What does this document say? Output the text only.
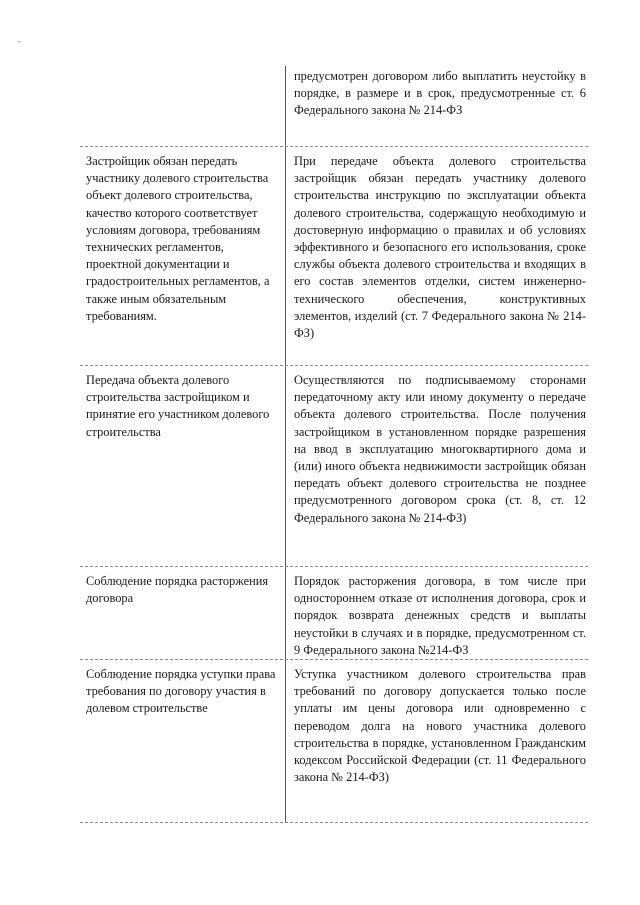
-
предусмотрен договором либо выплатить неустойку в порядке, в размере и в срок, предусмотренные ст. 6 Федерального закона № 214-ФЗ
Застройщик обязан передать участнику долевого строительства объект долевого строительства, качество которого соответствует условиям договора, требованиям технических регламентов, проектной документации и градостроительных регламентов, а также иным обязательным требованиям.
При передаче объекта долевого строительства застройщик обязан передать участнику долевого строительства инструкцию по эксплуатации объекта долевого строительства, содержащую необходимую и достоверную информацию о правилах и об условиях эффективного и безопасного его использования, сроке службы объекта долевого строительства и входящих в его состав элементов отделки, систем инженерно-технического обеспечения, конструктивных элементов, изделий (ст. 7 Федерального закона № 214-ФЗ)
Передача объекта долевого строительства застройщиком и принятие его участником долевого строительства
Осуществляются по подписываемому сторонами передаточному акту или иному документу о передаче объекта долевого строительства. После получения застройщиком в установленном порядке разрешения на ввод в эксплуатацию многоквартирного дома и (или) иного объекта недвижимости застройщик обязан передать объект долевого строительства не позднее предусмотренного договором срока (ст. 8, ст. 12 Федерального закона № 214-ФЗ)
Соблюдение порядка расторжения договора
Порядок расторжения договора, в том числе при одностороннем отказе от исполнения договора, срок и порядок возврата денежных средств и выплаты неустойки в случаях и в порядке, предусмотренном ст. 9 Федерального закона №214-ФЗ
Соблюдение порядка уступки права требования по договору участия в долевом строительстве
Уступка участником долевого строительства прав требований по договору допускается только после уплаты им цены договора или одновременно с переводом долга на нового участника долевого строительства в порядке, установленном Гражданским кодексом Российской Федерации (ст. 11 Федерального закона № 214-ФЗ)
